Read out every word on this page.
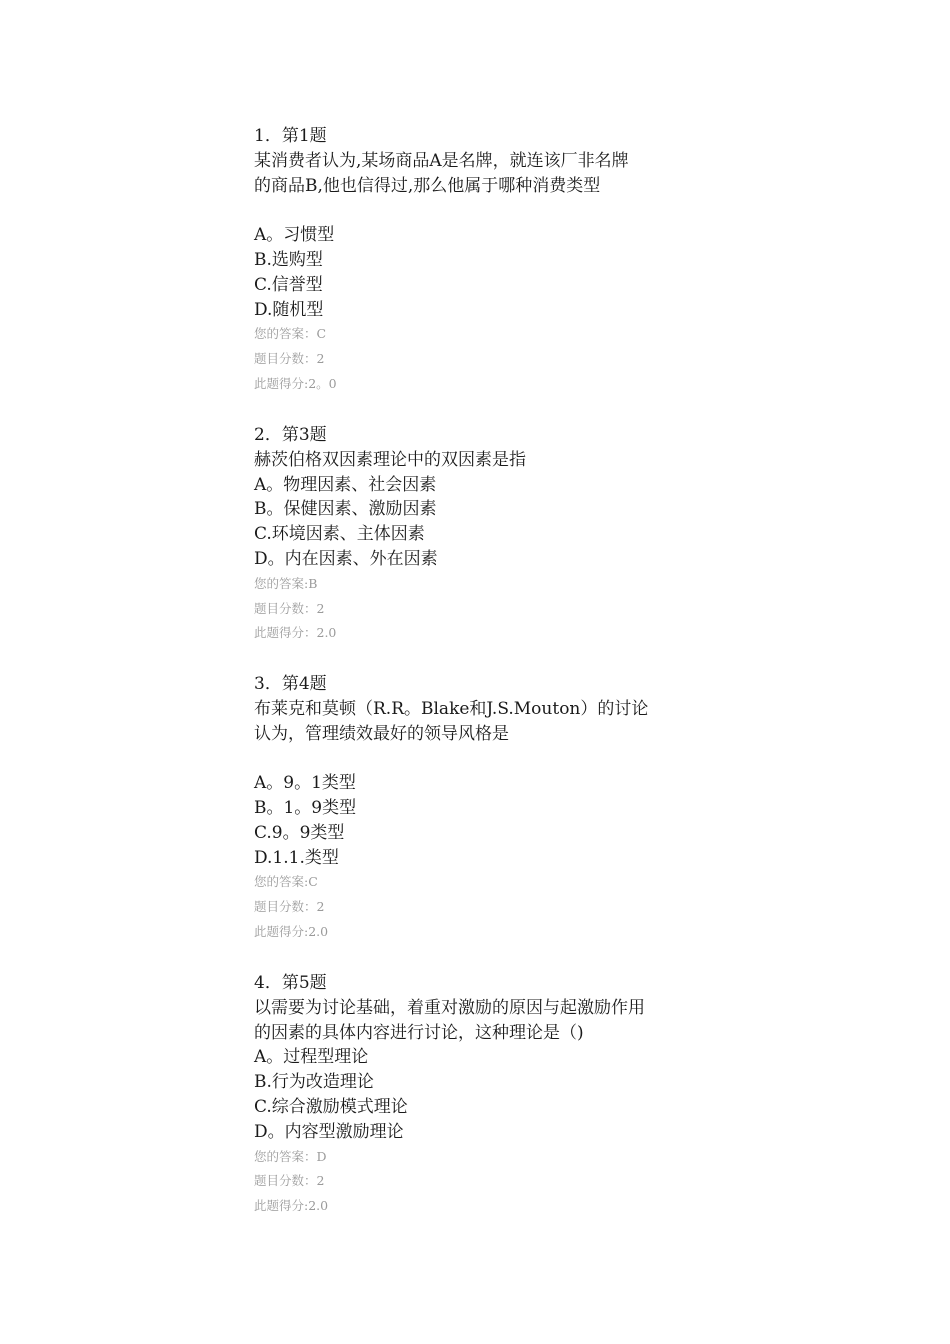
1．第1题
某消费者认为,某场商品A是名牌，就连该厂非名牌
的商品B,他也信得过,那么他属于哪种消费类型
A。习惯型
B.选购型
C.信誉型
D.随机型
您的答案：C
题目分数：2
此题得分:2。0
2．第3题
赫茨伯格双因素理论中的双因素是指
A。物理因素、社会因素
B。保健因素、激励因素
C.环境因素、主体因素
D。内在因素、外在因素
您的答案:B
题目分数：2
此题得分：2.0
3．第4题
布莱克和莫顿（R.R。Blake和J.S.Mouton）的讨论
认为，管理绩效最好的领导风格是
A。9。1类型
B。1。9类型
C.9。9类型
D.1.1.类型
您的答案:C
题目分数：2
此题得分:2.0
4．第5题
以需要为讨论基础，着重对激励的原因与起激励作用
的因素的具体内容进行讨论，这种理论是（)
A。过程型理论
B.行为改造理论
C.综合激励模式理论
D。内容型激励理论
您的答案：D
题目分数：2
此题得分:2.0
